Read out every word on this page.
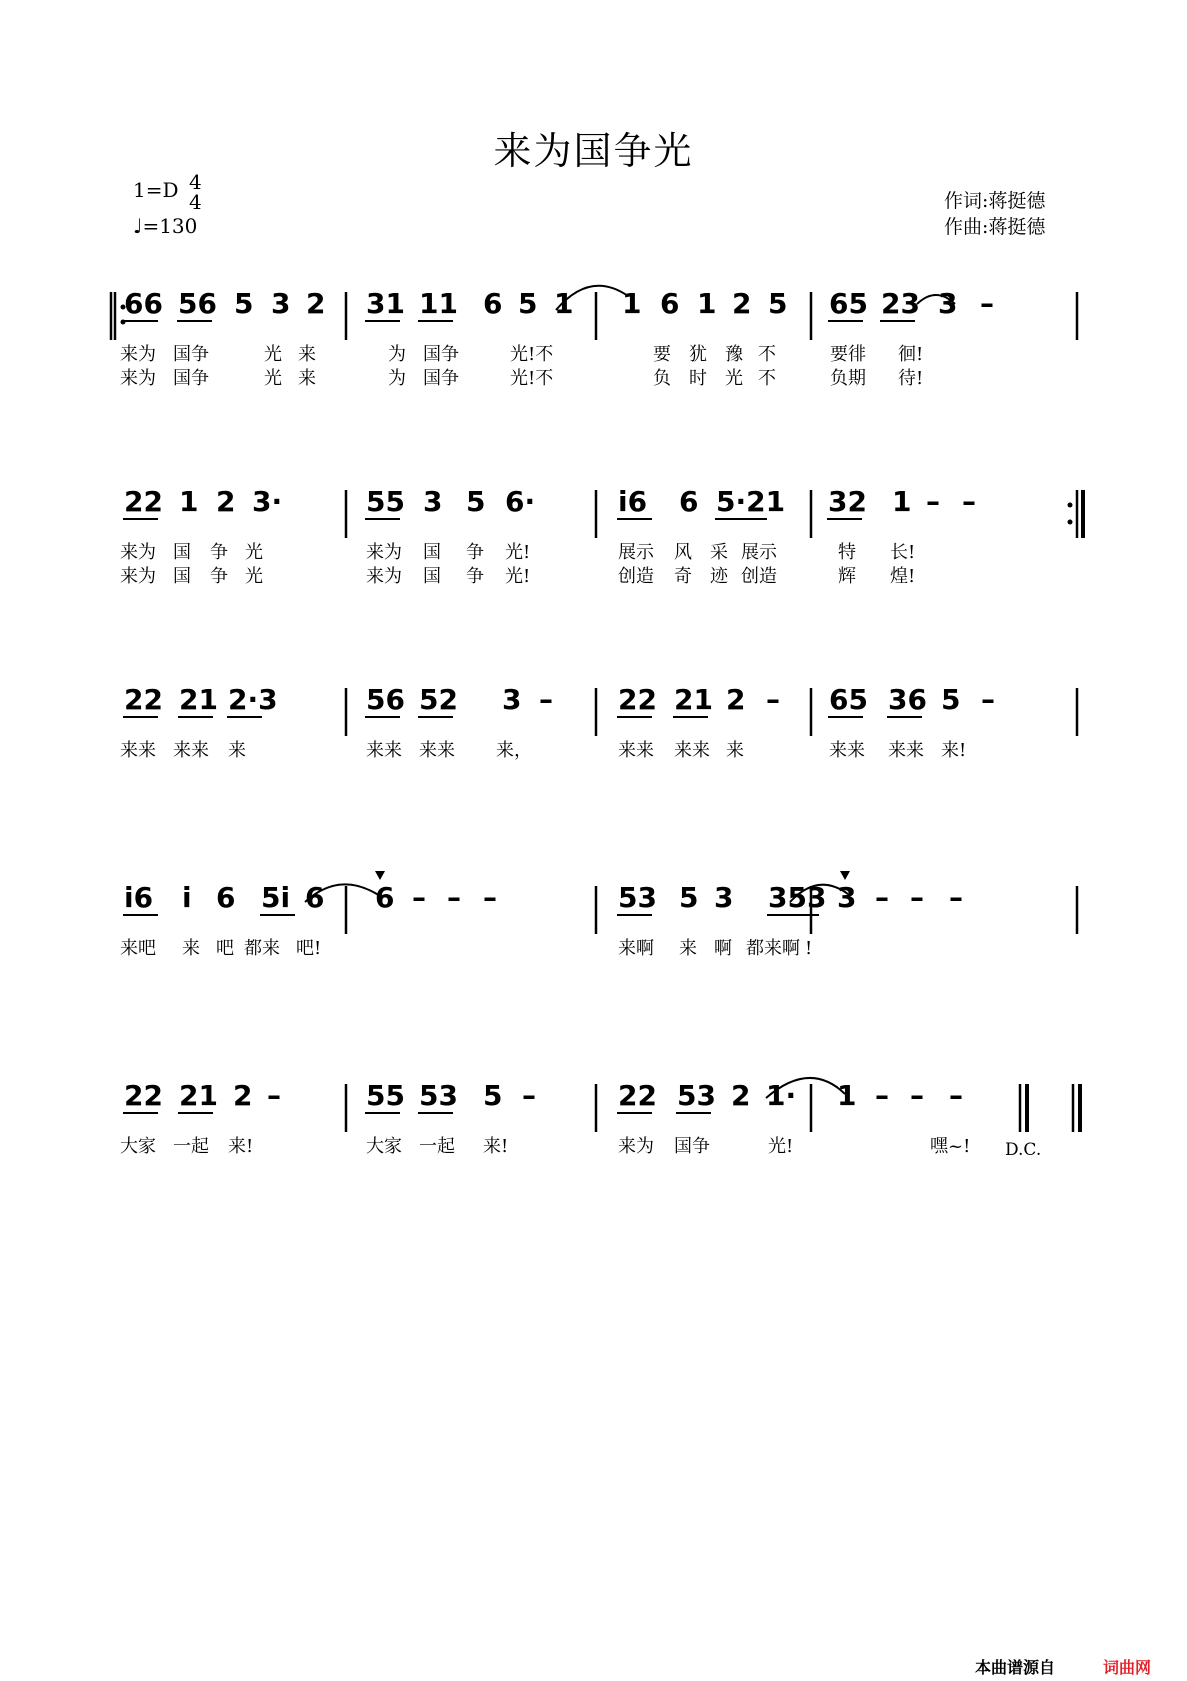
来为国争光
1=D 4
4
♩=130
作词:蒋挺德
作曲:蒋挺德
D.C.
本曲谱源自	词曲网
66 56 5 3 2 31 11 6 5 1 1 6 1 2 5 65 23 3 –
22 1 2 3·	55 3 5 6·	i6 6 5·21 32 1 – –
22 21 2·3	56 52 3 – 22 21 2 – 65 36 5 –
i6 i 6 5i 6 6 – – –	53 5 3 353 3 – – –
22 21 2 –	55 53 5 –	22 53 2 1· 1 – – –
来为 国争	光 来	为 国争	光!不	要 犹 豫 不	要徘 徊!
来为 国争	光 来	为 国争	光!不	负 时 光 不	负期 待!
来为 国 争 光	来为 国 争 光!	展示 风 采 展示	特 长!
来为 国 争 光	来为 国 争 光!	创造 奇 迹 创造	辉 煌!
来来 来来 来	来来 来来 来，	来来 来来 来	来来 来来 来!
来吧 来 吧 都来 吧!	来啊 来 啊 都来啊 !
大家 一起 来!	大家 一起 来!	来为 国争	光!	嘿~!
